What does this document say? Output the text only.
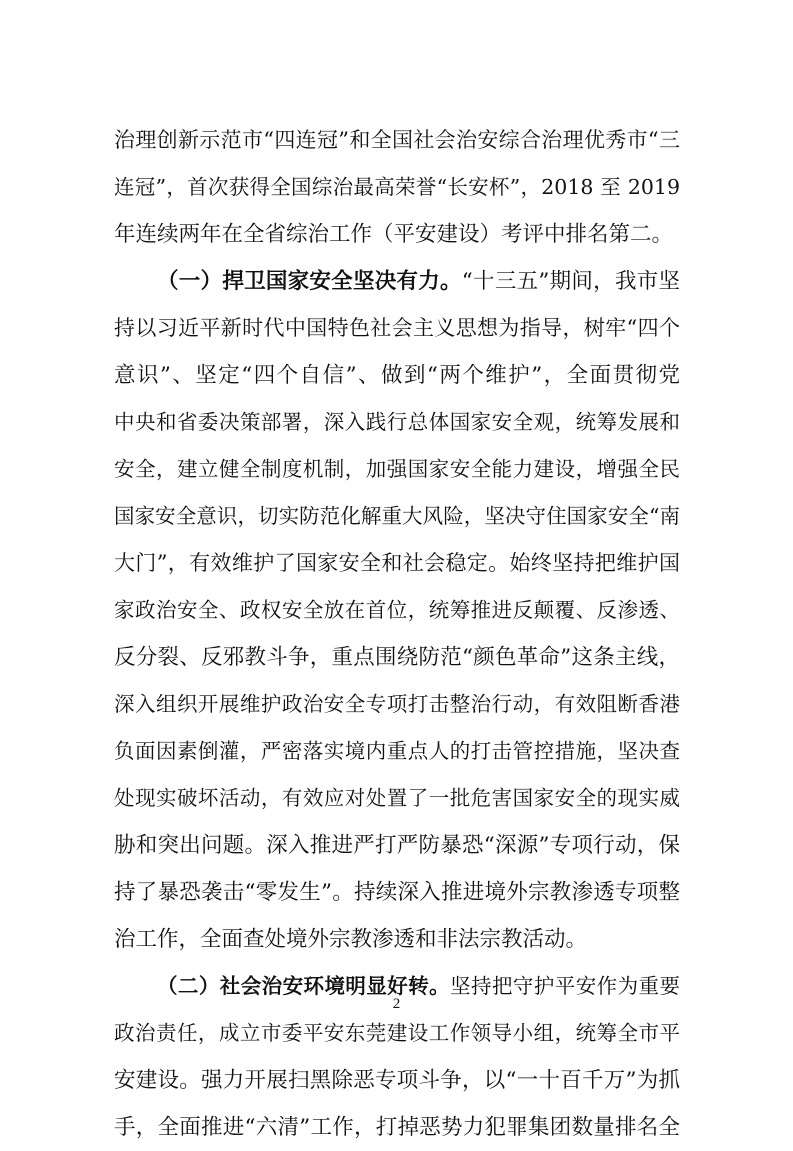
治理创新示范市“四连冠”和全国社会治安综合治理优秀市“三
连冠”，首次获得全国综治最高荣誉“长安杯”，2018 至 2019
年连续两年在全省综治工作（平安建设）考评中排名第二。
（一）捍卫国家安全坚决有力。“十三五”期间，我市坚
持以习近平新时代中国特色社会主义思想为指导，树牢“四个
意识”、坚定“四个自信”、做到“两个维护”，全面贯彻党
中央和省委决策部署，深入践行总体国家安全观，统筹发展和
安全，建立健全制度机制，加强国家安全能力建设，增强全民
国家安全意识，切实防范化解重大风险，坚决守住国家安全“南
大门”，有效维护了国家安全和社会稳定。始终坚持把维护国
家政治安全、政权安全放在首位，统筹推进反颠覆、反渗透、
反分裂、反邪教斗争，重点围绕防范“颜色革命”这条主线，
深入组织开展维护政治安全专项打击整治行动，有效阻断香港
负面因素倒灌，严密落实境内重点人的打击管控措施，坚决查
处现实破坏活动，有效应对处置了一批危害国家安全的现实威
胁和突出问题。深入推进严打严防暴恐“深源”专项行动，保
持了暴恐袭击“零发生”。持续深入推进境外宗教渗透专项整
治工作，全面查处境外宗教渗透和非法宗教活动。
（二）社会治安环境明显好转。坚持把守护平安作为重要
政治责任，成立市委平安东莞建设工作领导小组，统筹全市平
安建设。强力开展扫黑除恶专项斗争，以“一十百千万”为抓
手，全面推进“六清”工作，打掉恶势力犯罪集团数量排名全
2
